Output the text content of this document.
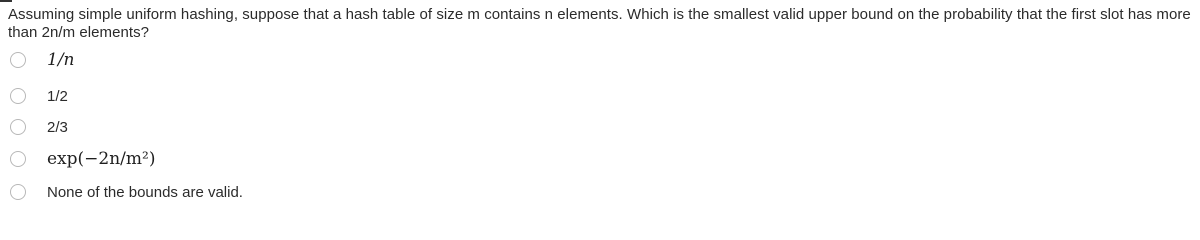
Assuming simple uniform hashing, suppose that a hash table of size m contains n elements. Which is the smallest valid upper bound on the probability that the first slot has more than 2n/m elements?
1/n
1/2
2/3
exp(−2n/m²)
None of the bounds are valid.
